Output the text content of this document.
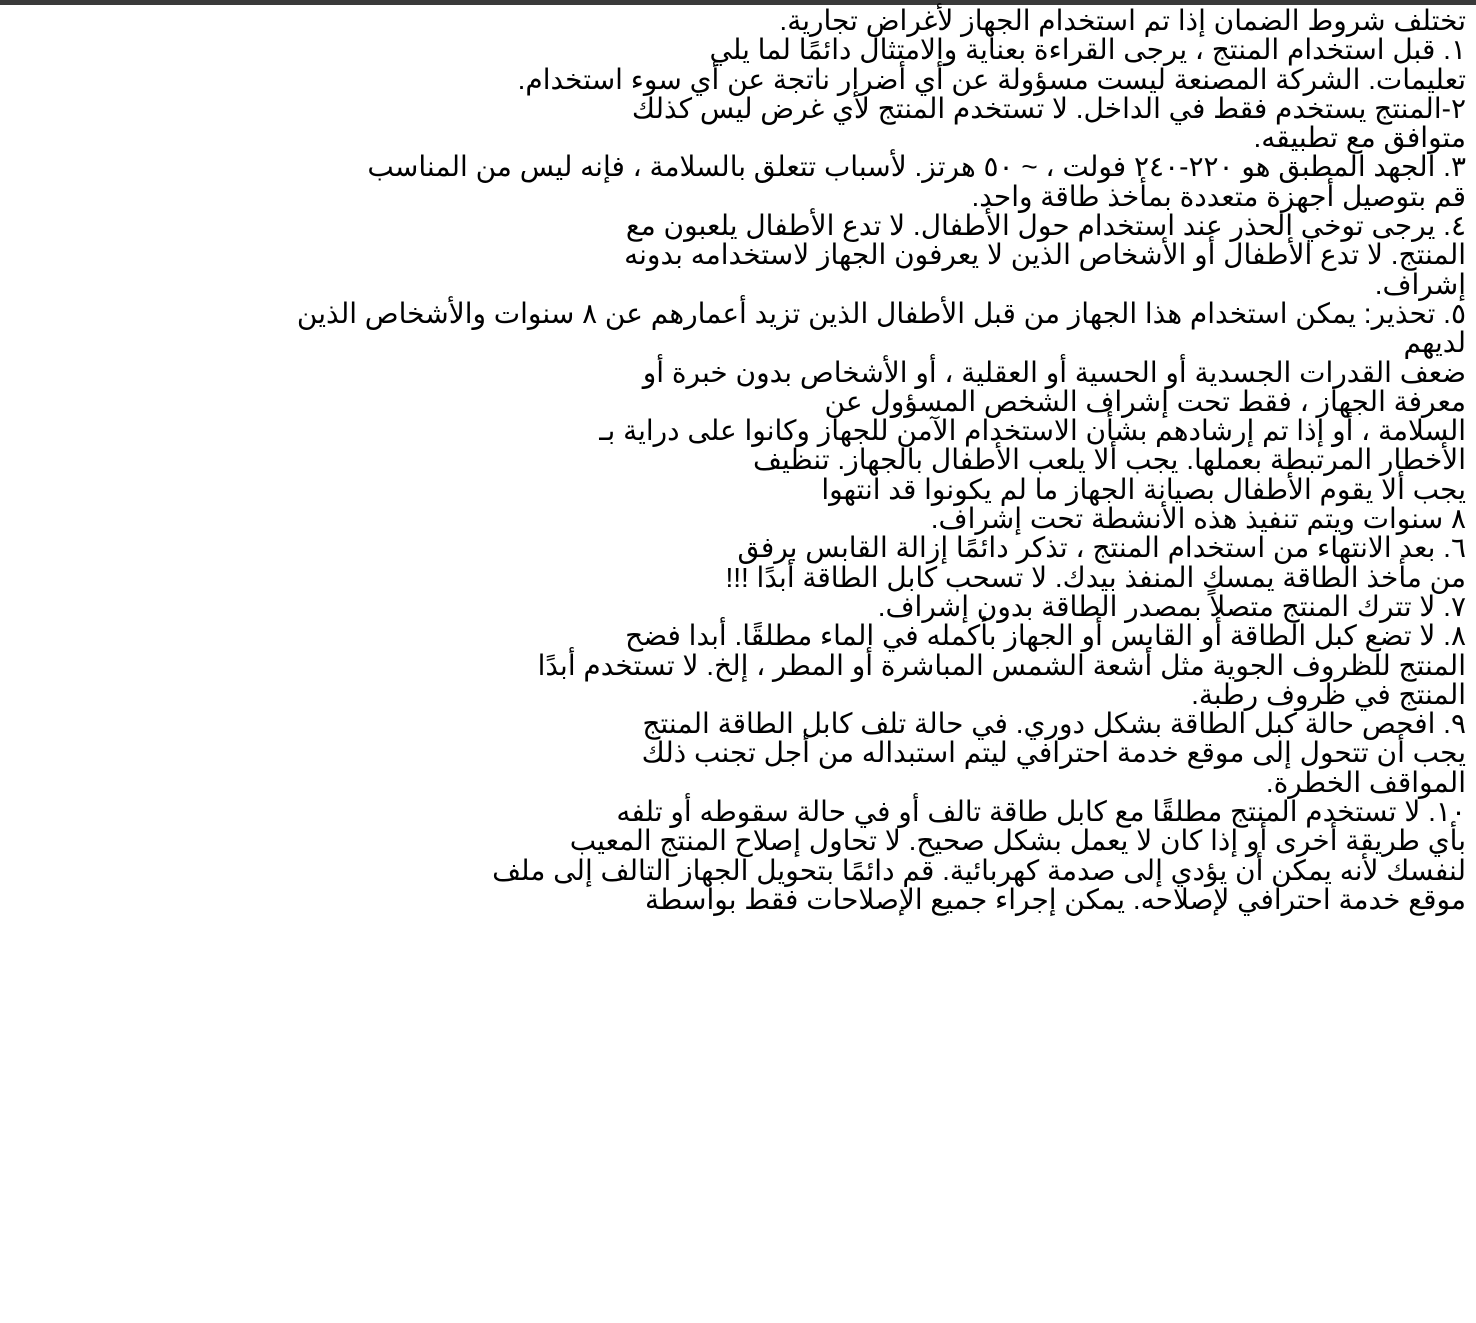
تختلف شروط الضمان إذا تم استخدام الجهاز لأغراض تجارية.
١. قبل استخدام المنتج ، يرجى القراءة بعناية والامتثال دائمًا لما يلي
تعليمات. الشركة المصنعة ليست مسؤولة عن أي أضرار ناتجة عن أي سوء استخدام.
٢-المنتج يستخدم فقط في الداخل. لا تستخدم المنتج لأي غرض ليس كذلك
متوافق مع تطبيقه.
٣. الجهد المطبق هو ٢٢٠-٢٤٠ فولت ، ~ ٥٠ هرتز. لأسباب تتعلق بالسلامة ، فإنه ليس من المناسب
قم بتوصيل أجهزة متعددة بمأخذ طاقة واحد.
٤. يرجى توخي الحذر عند استخدام حول الأطفال. لا تدع الأطفال يلعبون مع
المنتج. لا تدع الأطفال أو الأشخاص الذين لا يعرفون الجهاز لاستخدامه بدونه
إشراف.
٥. تحذير: يمكن استخدام هذا الجهاز من قبل الأطفال الذين تزيد أعمارهم عن ٨ سنوات والأشخاص الذين
لديهم
ضعف القدرات الجسدية أو الحسية أو العقلية ، أو الأشخاص بدون خبرة أو
معرفة الجهاز ، فقط تحت إشراف الشخص المسؤول عن
السلامة ، أو إذا تم إرشادهم بشأن الاستخدام الآمن للجهاز وكانوا على دراية بـ
الأخطار المرتبطة بعملها. يجب ألا يلعب الأطفال بالجهاز. تنظيف
يجب ألا يقوم الأطفال بصيانة الجهاز ما لم يكونوا قد انتهوا
٨ سنوات ويتم تنفيذ هذه الأنشطة تحت إشراف.
٦. بعد الانتهاء من استخدام المنتج ، تذكر دائمًا إزالة القابس برفق
من مأخذ الطاقة يمسك المنفذ بيدك. لا تسحب كابل الطاقة أبدًا !!!
٧. لا تترك المنتج متصلاً بمصدر الطاقة بدون إشراف.
٨. لا تضع كبل الطاقة أو القابس أو الجهاز بأكمله في الماء مطلقًا. أبدا فضح
المنتج للظروف الجوية مثل أشعة الشمس المباشرة أو المطر ، إلخ. لا تستخدم أبدًا
المنتج في ظروف رطبة.
٩. افحص حالة كبل الطاقة بشكل دوري. في حالة تلف كابل الطاقة المنتج
يجب أن تتحول إلى موقع خدمة احترافي ليتم استبداله من أجل تجنب ذلك
المواقف الخطرة.
١٠. لا تستخدم المنتج مطلقًا مع كابل طاقة تالف أو في حالة سقوطه أو تلفه
بأي طريقة أخرى أو إذا كان لا يعمل بشكل صحيح. لا تحاول إصلاح المنتج المعيب
لنفسك لأنه يمكن أن يؤدي إلى صدمة كهربائية. قم دائمًا بتحويل الجهاز التالف إلى ملف
موقع خدمة احترافي لإصلاحه. يمكن إجراء جميع الإصلاحات فقط بواسطة
